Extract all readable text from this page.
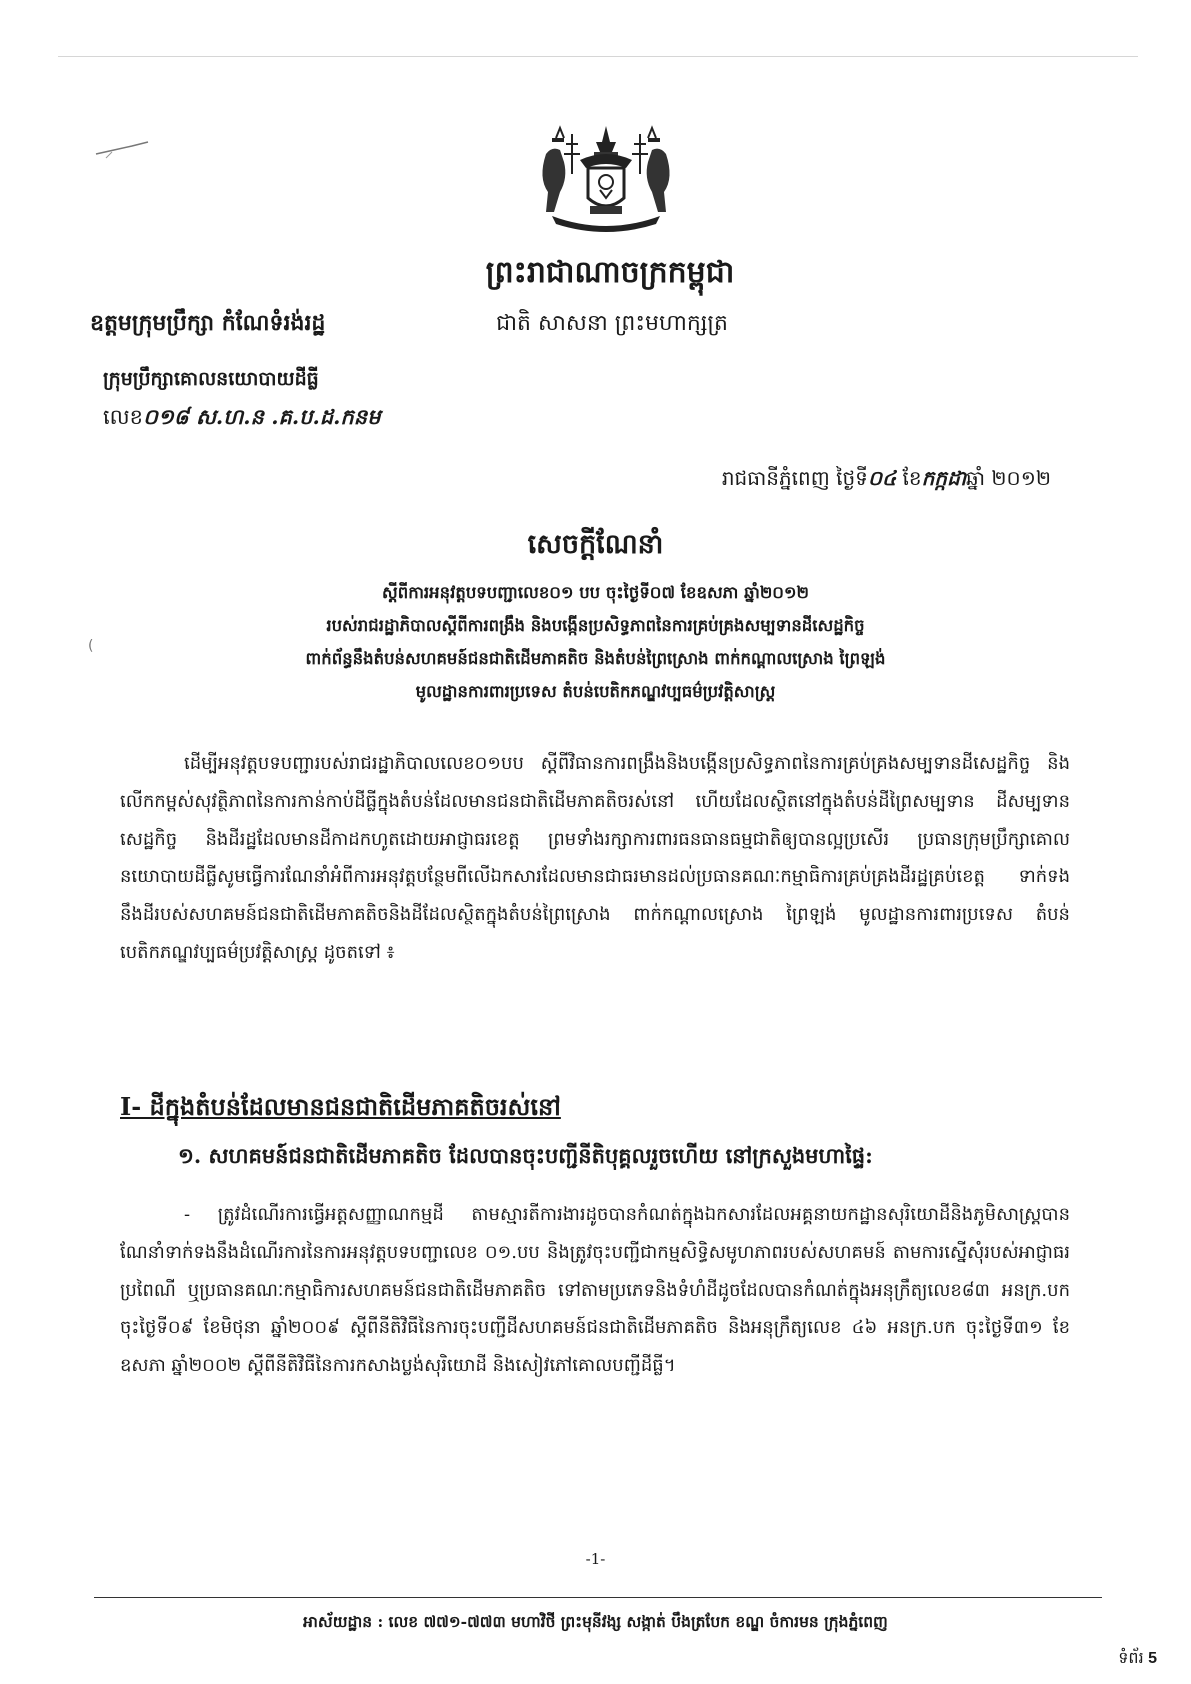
ព្រះរាជាណាចក្រកម្ពុជា
ជាតិ សាសនា ព្រះមហាក្សត្រ
ឧត្តមក្រុមប្រឹក្សា កំណែទំរង់រដ្ឋ
ក្រុមប្រឹក្សាគោលនយោបាយដីធ្លី
លេខ០១៨ ស.ហ.ន .គ.ប.ដ.កនម
រាជធានីភ្នំពេញ ថ្ងៃទី០៤ ខែកក្កដាឆ្នាំ ២០១២
សេចក្តីណែនាំ
ស្តីពីការអនុវត្តបទបញ្ជាលេខ០១ បប ចុះថ្ងៃទី០៧ ខែឧសភា ឆ្នាំ២០១២
របស់រាជរដ្ឋាភិបាលស្តីពីការពង្រឹង និងបង្កើនប្រសិទ្ធភាពនៃការគ្រប់គ្រងសម្បទានដីសេដ្ឋកិច្ច
ពាក់ព័ន្ធនឹងតំបន់សហគមន៍ជនជាតិដើមភាគតិច និងតំបន់ព្រៃស្រោង ពាក់កណ្តាលស្រោង ព្រៃឡង់
មូលដ្ឋានការពារប្រទេស តំបន់បេតិកភណ្ឌវប្បធម៌ប្រវត្តិសាស្ត្រ
(

ដើម្បីអនុវត្តបទបញ្ជារបស់រាជរដ្ឋាភិបាលលេខ០១បប ស្តីពីវិធានការពង្រឹងនិងបង្កើនប្រសិទ្ធភាពនៃការគ្រប់គ្រងសម្បទានដីសេដ្ឋកិច្ច និងលើកកម្ពស់សុវត្ថិភាពនៃការកាន់កាប់ដីធ្លីក្នុងតំបន់ដែលមានជនជាតិដើមភាគតិចរស់នៅ ហើយដែលស្ថិតនៅក្នុងតំបន់ដីព្រៃសម្បទាន ដីសម្បទានសេដ្ឋកិច្ច និងដីរដ្ឋដែលមានដីកាដកហូតដោយអាជ្ញាធរខេត្ត ព្រមទាំងរក្សាការពារធនធានធម្មជាតិឲ្យបានល្អប្រសើរ ប្រធានក្រុមប្រឹក្សាគោលនយោបាយដីធ្លីសូមធ្វើការណែនាំអំពីការអនុវត្តបន្ថែមពីលើឯកសារដែលមានជាធរមានដល់ប្រធានគណៈកម្មាធិការគ្រប់គ្រងដីរដ្ឋគ្រប់ខេត្ត ទាក់ទងនឹងដីរបស់សហគមន៍ជនជាតិដើមភាគតិចនិងដីដែលស្ថិតក្នុងតំបន់ព្រៃស្រោង ពាក់កណ្តាលស្រោង ព្រៃឡង់ មូលដ្ឋានការពារប្រទេស តំបន់បេតិកភណ្ឌវប្បធម៌ប្រវត្តិសាស្ត្រ ដូចតទៅ ៖

I- ដីក្នុងតំបន់ដែលមានជនជាតិដើមភាគតិចរស់នៅ
១. សហគមន៍ជនជាតិដើមភាគតិច ដែលបានចុះបញ្ជីនីតិបុគ្គលរួចហើយ នៅក្រសួងមហាផ្ទៃ:

- ត្រូវដំណើរការធ្វើអត្តសញ្ញាណកម្មដី តាមស្មារតីការងារដូចបានកំណត់ក្នុងឯកសារដែលអគ្គនាយកដ្ឋានសុរិយោដីនិងភូមិសាស្ត្របានណែនាំទាក់ទងនឹងដំណើរការនៃការអនុវត្តបទបញ្ជាលេខ ០១.បប និងត្រូវចុះបញ្ជីជាកម្មសិទ្ធិសមូហភាពរបស់សហគមន៍ តាមការស្នើសុំរបស់អាជ្ញាធរប្រពៃណី ឬប្រធានគណៈកម្មាធិការសហគមន៍ជនជាតិដើមភាគតិច ទៅតាមប្រភេទនិងទំហំដីដូចដែលបានកំណត់ក្នុងអនុក្រឹត្យលេខ៨៣ អនក្រ.បក ចុះថ្ងៃទី០៩ ខែមិថុនា ឆ្នាំ២០០៩ ស្តីពីនីតិវិធីនៃការចុះបញ្ជីដីសហគមន៍ជនជាតិដើមភាគតិច និងអនុក្រឹត្យលេខ ៤៦ អនក្រ.បក ចុះថ្ងៃទី៣១ ខែឧសភា ឆ្នាំ២០០២ ស្តីពីនីតិវិធីនៃការកសាងប្លង់សុរិយោដី និងសៀវភៅគោលបញ្ជីដីធ្លី។

-1-
អាស័យដ្ឋាន : លេខ ៧៧១-៧៧៣ មហាវិថី ព្រះមុនីវង្ស សង្កាត់ បឹងត្របែក ខណ្ឌ ចំការមន ក្រុងភ្នំពេញ
ទំព័រ 5
